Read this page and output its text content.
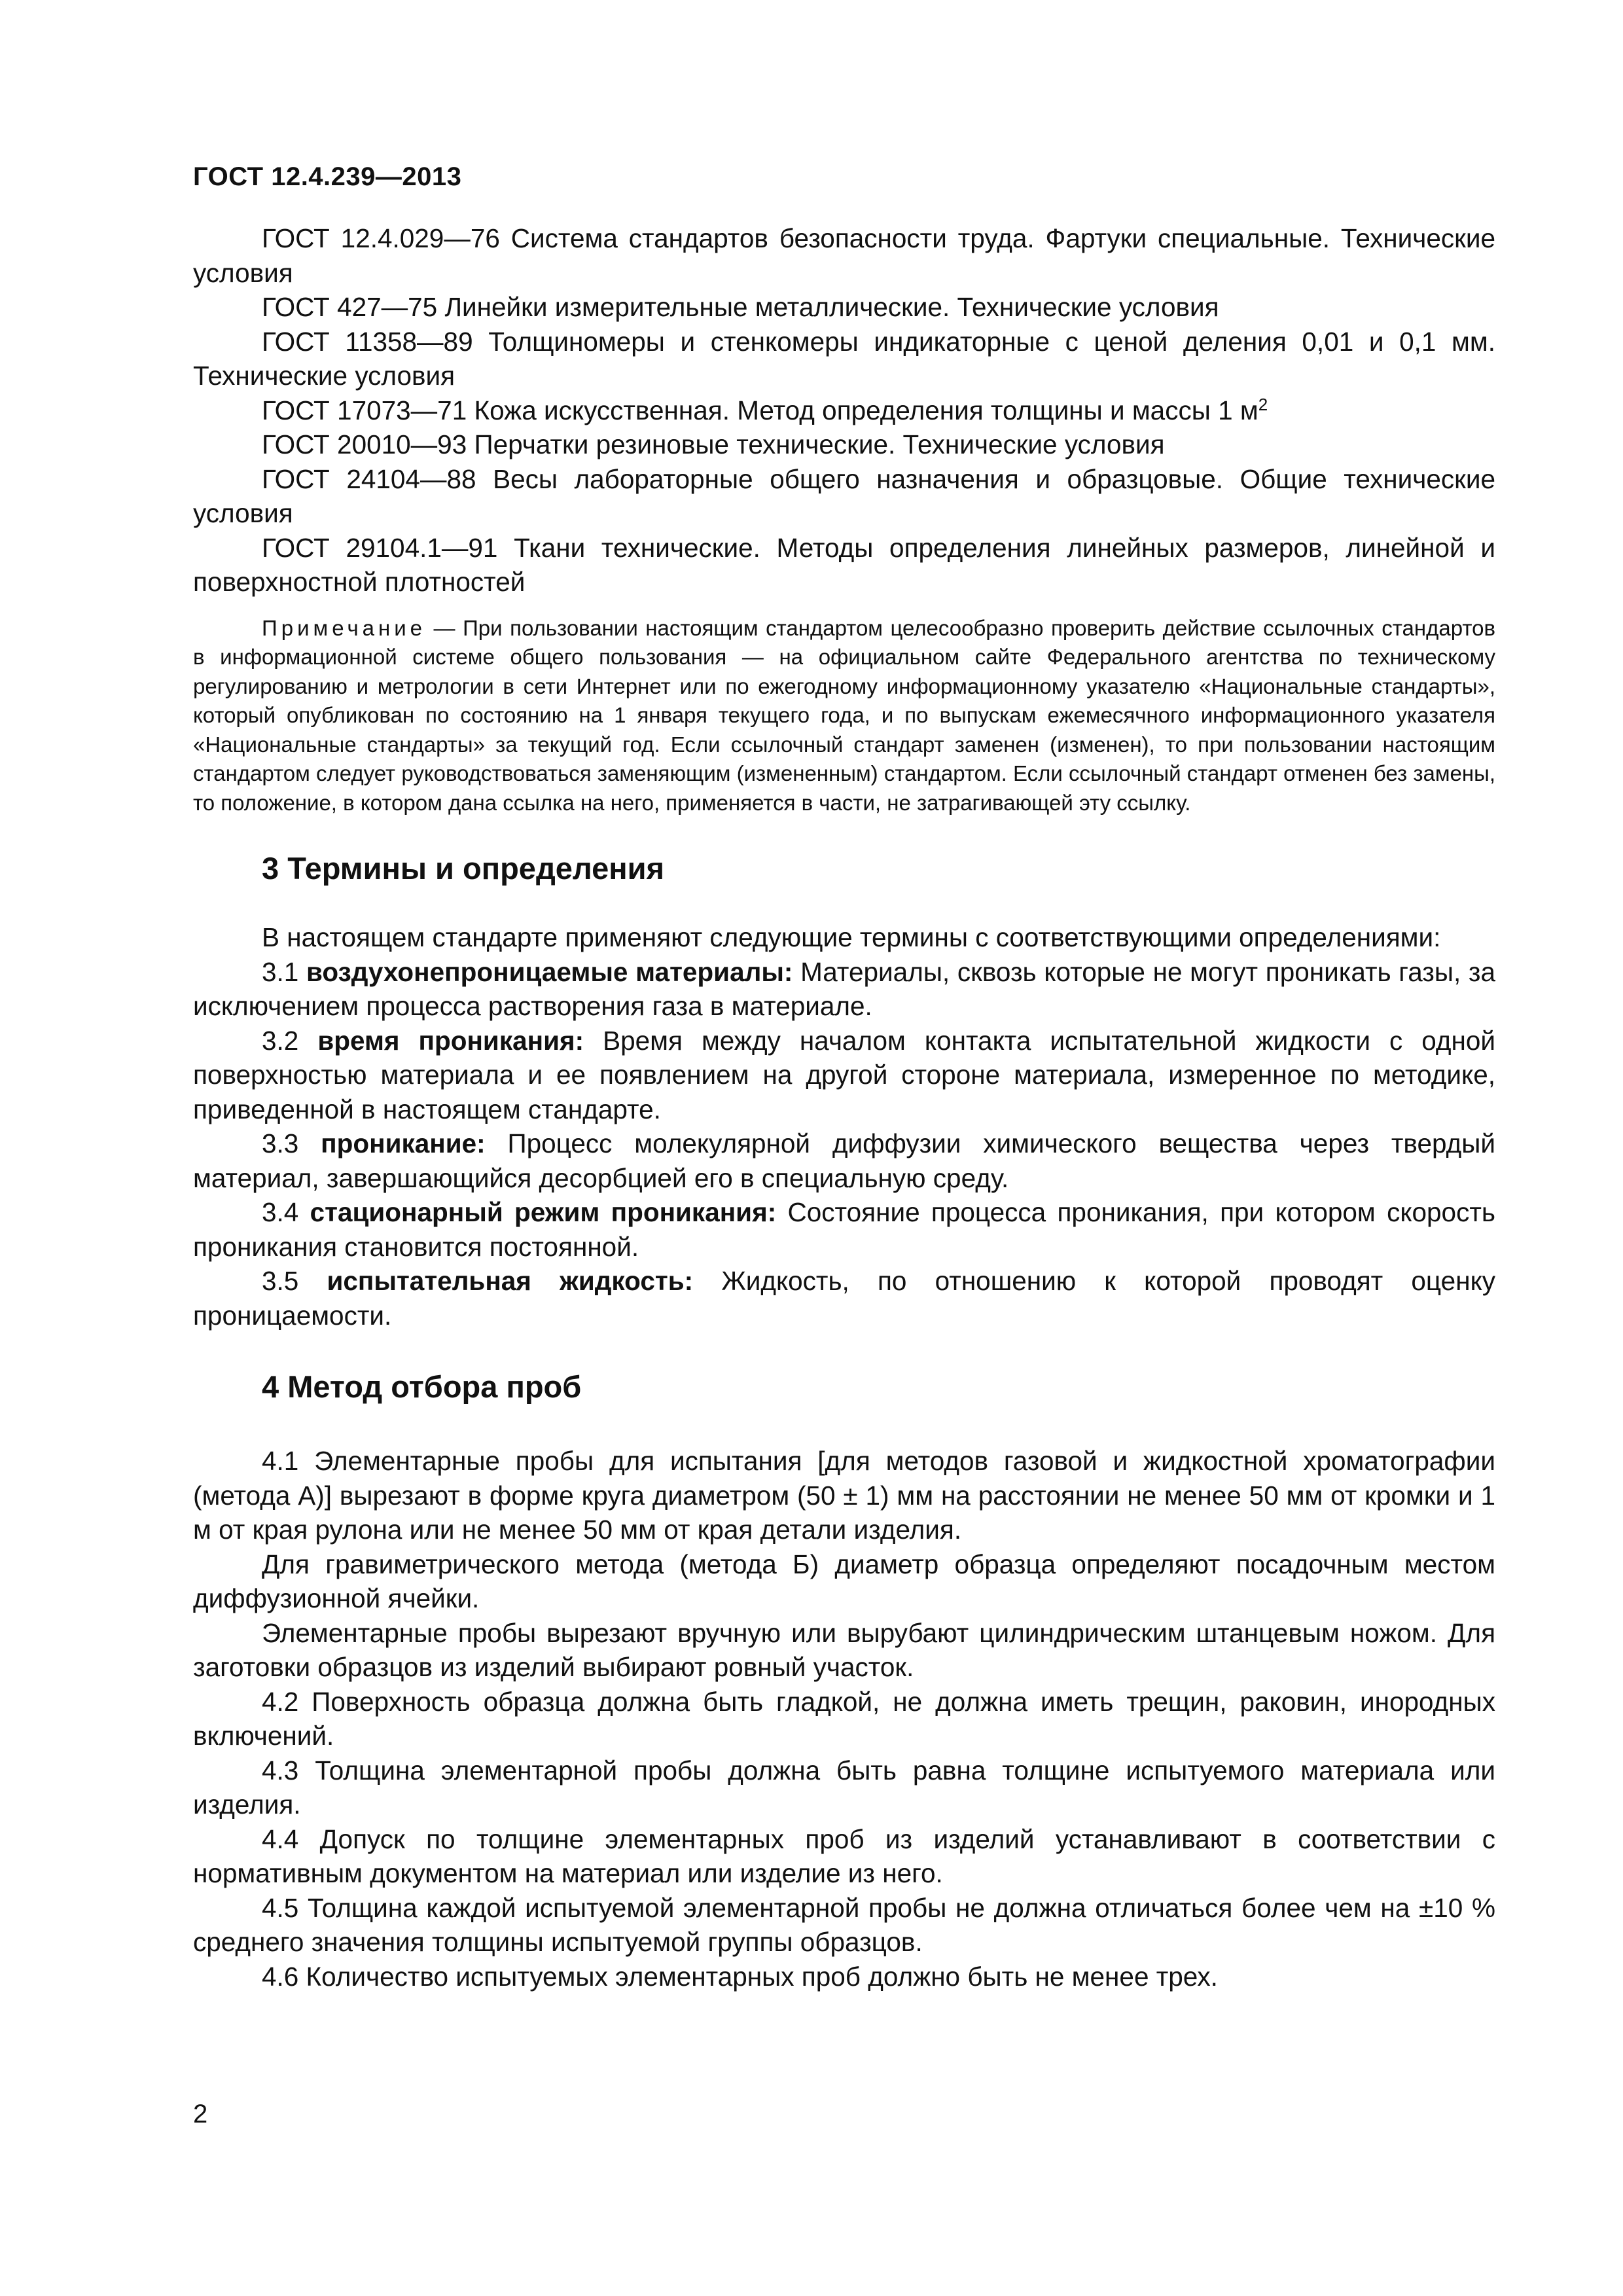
ГОСТ 12.4.239—2013

ГОСТ 12.4.029—76 Система стандартов безопасности труда. Фартуки специальные. Технические условия

ГОСТ 427—75 Линейки измерительные металлические. Технические условия

ГОСТ 11358—89 Толщиномеры и стенкомеры индикаторные с ценой деления 0,01 и 0,1 мм. Технические условия

ГОСТ 17073—71 Кожа искусственная. Метод определения толщины и массы 1 $м^2$

ГОСТ 20010—93 Перчатки резиновые технические. Технические условия

ГОСТ 24104—88 Весы лабораторные общего назначения и образцовые. Общие технические условия

ГОСТ 29104.1—91 Ткани технические. Методы определения линейных размеров, линейной и поверхностной плотностей

Примечание — При пользовании настоящим стандартом целесообразно проверить действие ссылочных стандартов в информационной системе общего пользования — на официальном сайте Федерального агентства по техническому регулированию и метрологии в сети Интернет или по ежегодному информационному указателю «Национальные стандарты», который опубликован по состоянию на 1 января текущего года, и по выпускам ежемесячного информационного указателя «Национальные стандарты» за текущий год. Если ссылочный стандарт заменен (изменен), то при пользовании настоящим стандартом следует руководствоваться заменяющим (измененным) стандартом. Если ссылочный стандарт отменен без замены, то положение, в котором дана ссылка на него, применяется в части, не затрагивающей эту ссылку.

3 Термины и определения

В настоящем стандарте применяют следующие термины с соответствующими определениями:

3.1 воздухонепроницаемые материалы: Материалы, сквозь которые не могут проникать газы, за исключением процесса растворения газа в материале.

3.2 время проникания: Время между началом контакта испытательной жидкости с одной поверхностью материала и ее появлением на другой стороне материала, измеренное по методике, приведенной в настоящем стандарте.

3.3 проникание: Процесс молекулярной диффузии химического вещества через твердый материал, завершающийся десорбцией его в специальную среду.

3.4 стационарный режим проникания: Состояние процесса проникания, при котором скорость проникания становится постоянной.

3.5 испытательная жидкость: Жидкость, по отношению к которой проводят оценку проницаемости.

4 Метод отбора проб

4.1 Элементарные пробы для испытания [для методов газовой и жидкостной хроматографии (метода А)] вырезают в форме круга диаметром (50 ± 1) мм на расстоянии не менее 50 мм от кромки и 1 м от края рулона или не менее 50 мм от края детали изделия.

Для гравиметрического метода (метода Б) диаметр образца определяют посадочным местом диффузионной ячейки.

Элементарные пробы вырезают вручную или вырубают цилиндрическим штанцевым ножом. Для заготовки образцов из изделий выбирают ровный участок.

4.2 Поверхность образца должна быть гладкой, не должна иметь трещин, раковин, инородных включений.

4.3 Толщина элементарной пробы должна быть равна толщине испытуемого материала или изделия.

4.4 Допуск по толщине элементарных проб из изделий устанавливают в соответствии с нормативным документом на материал или изделие из него.

4.5 Толщина каждой испытуемой элементарной пробы не должна отличаться более чем на ±10 % среднего значения толщины испытуемой группы образцов.

4.6 Количество испытуемых элементарных проб должно быть не менее трех.

2
